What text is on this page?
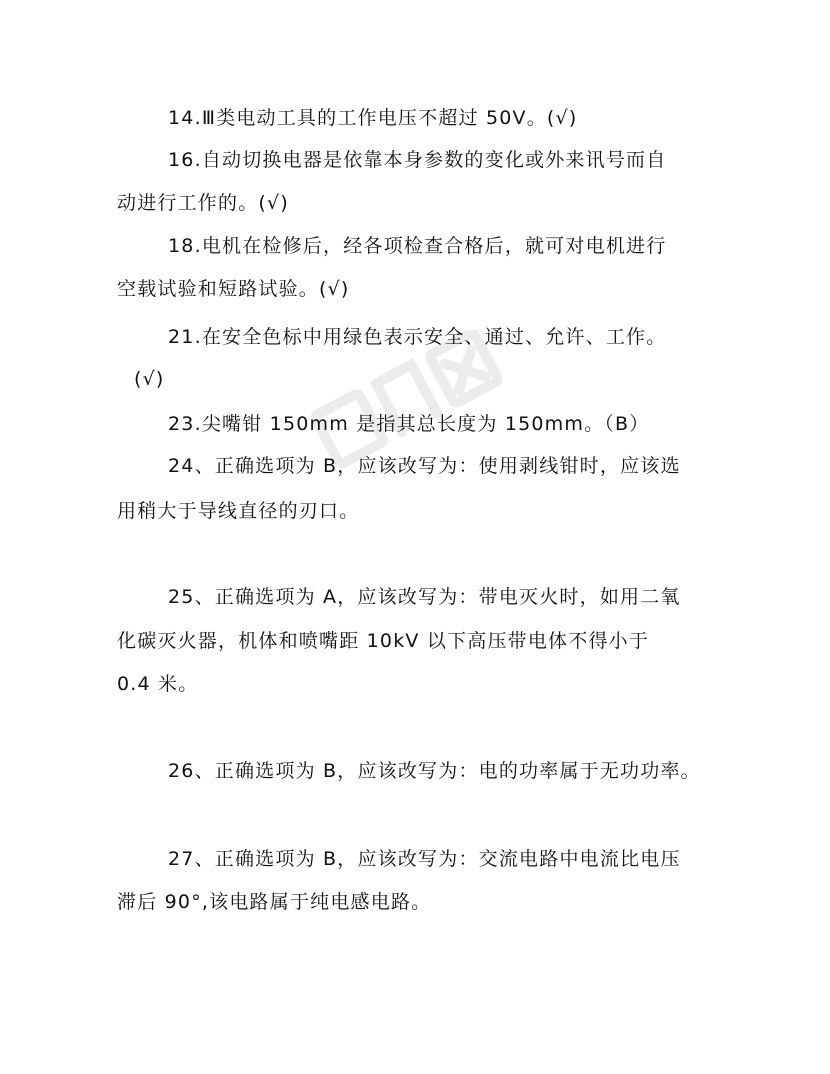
14.Ⅲ类电动工具的工作电压不超过 50V。(√)
16.自动切换电器是依靠本身参数的变化或外来讯号而自
动进行工作的。(√)
18.电机在检修后，经各项检查合格后，就可对电机进行
空载试验和短路试验。(√)
21.在安全色标中用绿色表示安全、通过、允许、工作。
(√)
23.尖嘴钳 150mm 是指其总长度为 150mm。（B）
24、正确选项为 B，应该改写为：使用剥线钳时，应该选
用稍大于导线直径的刃口。
25、正确选项为 A，应该改写为：带电灭火时，如用二氧
化碳灭火器，机体和喷嘴距 10kV 以下高压带电体不得小于
0.4 米。
26、正确选项为 B，应该改写为：电的功率属于无功功率。
27、正确选项为 B，应该改写为：交流电路中电流比电压
滞后 90°,该电路属于纯电感电路。
